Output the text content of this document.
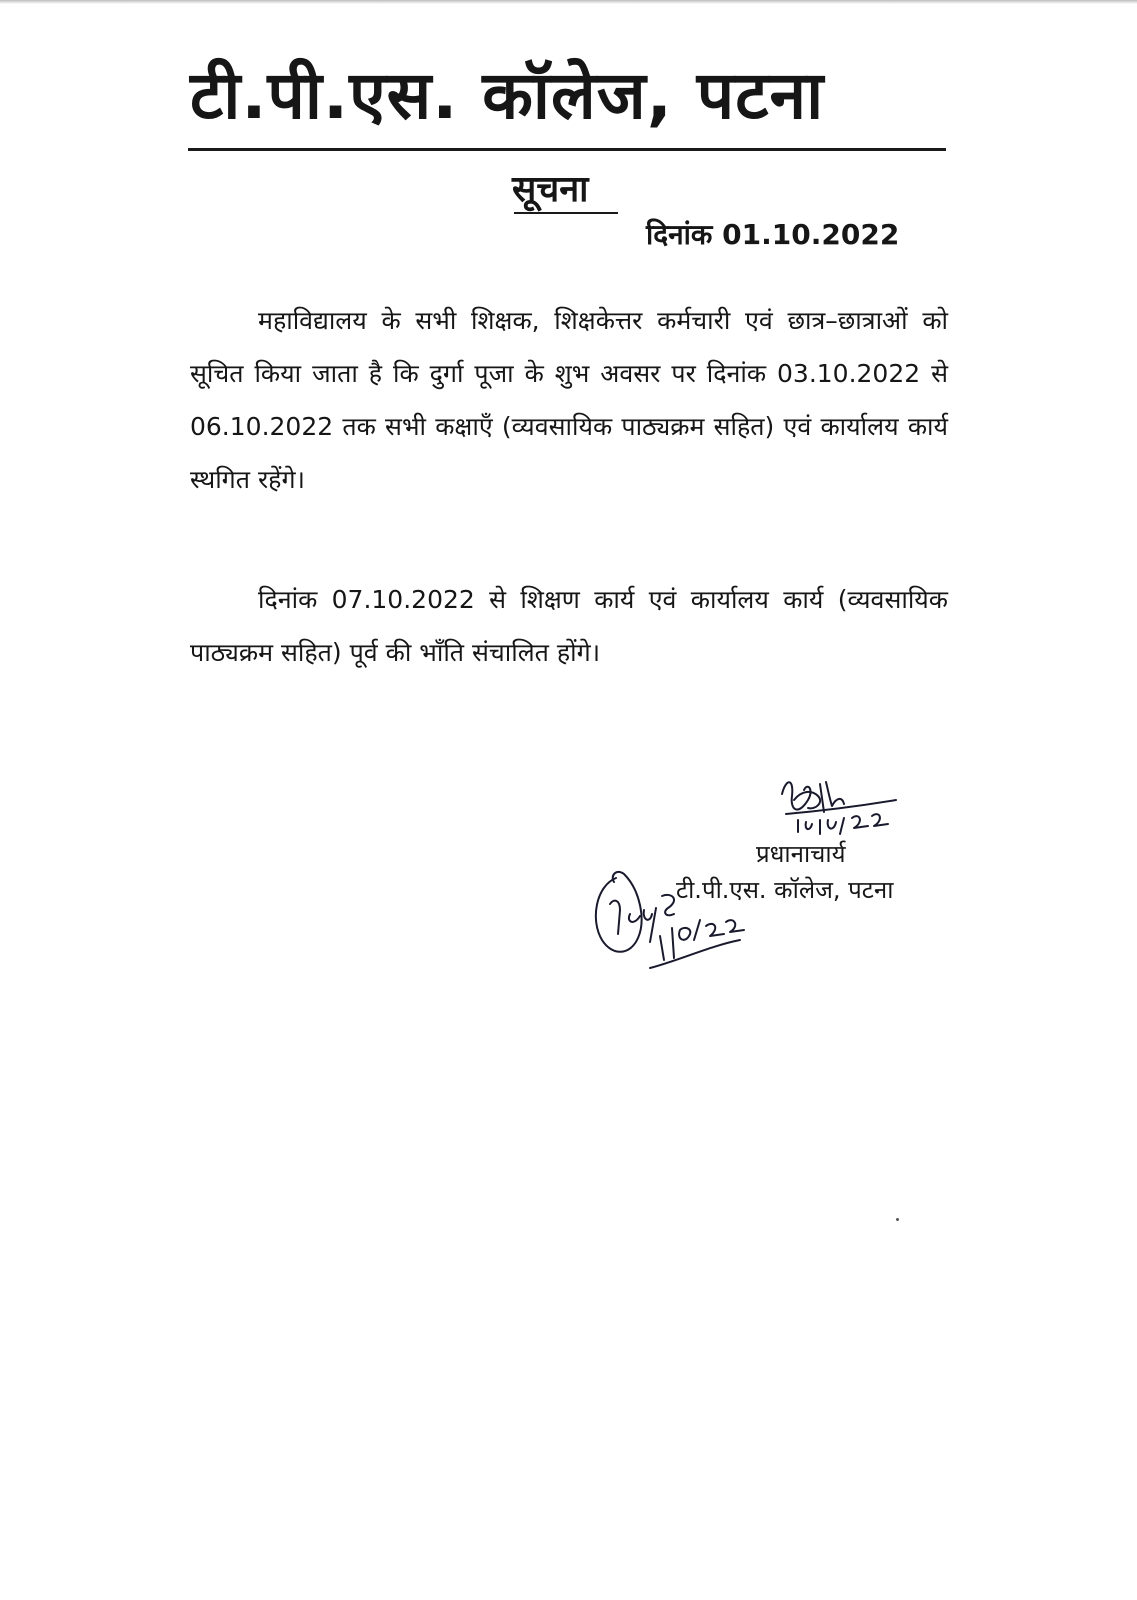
टी.पी.एस. कॉलेज, पटना
सूचना
दिनांक 01.10.2022

महाविद्यालय के सभी शिक्षक, शिक्षकेत्तर कर्मचारी एवं छात्र–छात्राओं को सूचित किया जाता है कि दुर्गा पूजा के शुभ अवसर पर दिनांक 03.10.2022 से 06.10.2022 तक सभी कक्षाएँ (व्यवसायिक पाठ्यक्रम सहित) एवं कार्यालय कार्य स्थगित रहेंगे।

दिनांक 07.10.2022 से शिक्षण कार्य एवं कार्यालय कार्य (व्यवसायिक पाठ्यक्रम सहित) पूर्व की भाँति संचालित होंगे।

प्रधानाचार्य
टी.पी.एस. कॉलेज, पटना
